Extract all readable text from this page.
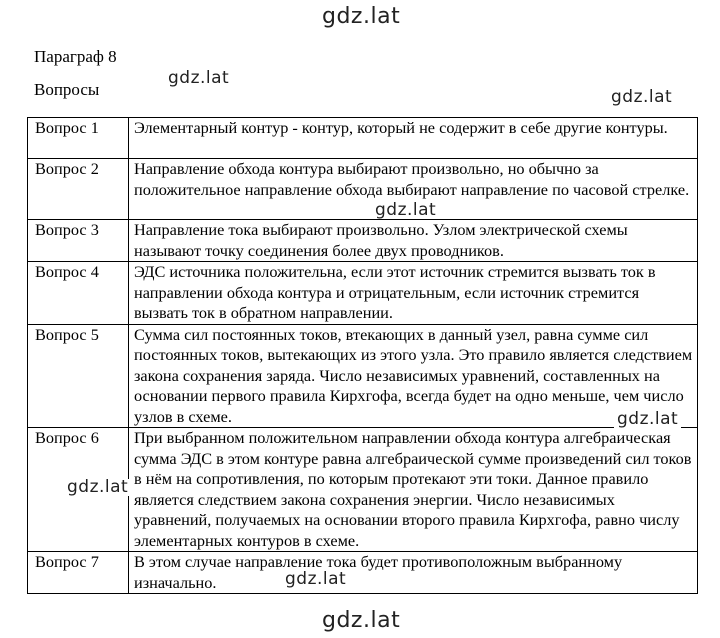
gdz.lat
Параграф 8
Вопросы
Вопрос 1	Элементарный контур - контур, который не содержит в себе другие контуры.
Вопрос 2	Направление обхода контура выбирают произвольно, но обычно за положительное направление обхода выбирают направление по часовой стрелке.
Вопрос 3	Направление тока выбирают произвольно. Узлом электрической схемы называют точку соединения более двух проводников.
Вопрос 4	ЭДС источника положительна, если этот источник стремится вызвать ток в направлении обхода контура и отрицательным, если источник стремится вызвать ток в обратном направлении.
Вопрос 5	Сумма сил постоянных токов, втекающих в данный узел, равна сумме сил постоянных токов, вытекающих из этого узла. Это правило является следствием закона сохранения заряда. Число независимых уравнений, составленных на основании первого правила Кирхгофа, всегда будет на одно меньше, чем число узлов в схеме.
Вопрос 6	При выбранном положительном направлении обхода контура алгебраическая сумма ЭДС в этом контуре равна алгебраической сумме произведений сил токов в нём на сопротивления, по которым протекают эти токи. Данное правило является следствием закона сохранения энергии. Число независимых уравнений, получаемых на основании второго правила Кирхгофа, равно числу элементарных контуров в схеме.
Вопрос 7	В этом случае направление тока будет противоположным выбранному изначально.
gdz.lat
gdz.lat
gdz.lat
gdz.lat
gdz.lat
gdz.lat
gdz.lat
